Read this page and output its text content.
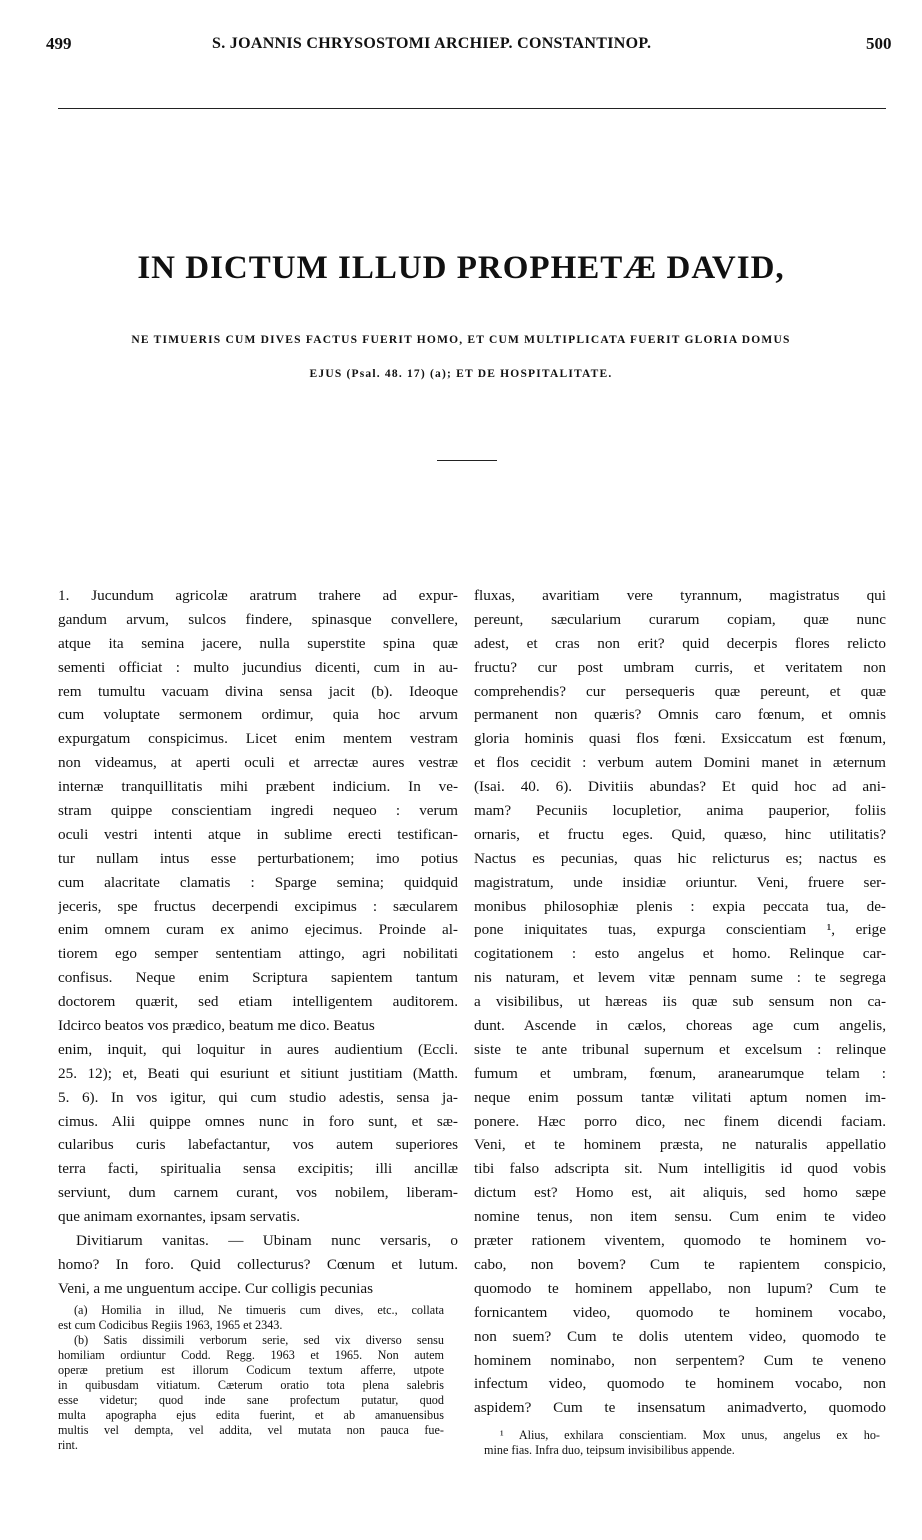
499	S. JOANNIS CHRYSOSTOMI ARCHIEP. CONSTANTINOP.	500
IN DICTUM ILLUD PROPHETÆ DAVID,
NE TIMUERIS CUM DIVES FACTUS FUERIT HOMO, ET CUM MULTIPLICATA FUERIT GLORIA DOMUS
EJUS (Psal. 48. 17) (a); ET DE HOSPITALITATE.
1. Jucundum agricolæ aratrum trahere ad expur-
gandum arvum, sulcos findere, spinasque convellere,
atque ita semina jacere, nulla superstite spina quæ
sementi officiat : multo jucundius dicenti, cum in au-
rem tumultu vacuam divina sensa jacit (b). Ideoque
cum voluptate sermonem ordimur, quia hoc arvum
expurgatum conspicimus. Licet enim mentem vestram
non videamus, at aperti oculi et arrectæ aures vestræ
internæ tranquillitatis mihi præbent indicium. In ve-
stram quippe conscientiam ingredi nequeo : verum
oculi vestri intenti atque in sublime erecti testifican-
tur nullam intus esse perturbationem; imo potius
cum alacritate clamatis : Sparge semina; quidquid
jeceris, spe fructus decerpendi excipimus : sæcularem
enim omnem curam ex animo ejecimus. Proinde al-
tiorem ego semper sententiam attingo, agri nobilitati
confisus. Neque enim Scriptura sapientem tantum
doctorem quærit, sed etiam intelligentem auditorem.
Idcirco beatos vos prædico, beatum me dico. Beatus
enim, inquit, qui loquitur in aures audientium (Eccli.
25. 12); et, Beati qui esuriunt et sitiunt justitiam (Matth.
5. 6). In vos igitur, qui cum studio adestis, sensa ja-
cimus. Alii quippe omnes nunc in foro sunt, et sæ-
cularibus curis labefactantur, vos autem superiores
terra facti, spiritualia sensa excipitis; illi ancillæ
serviunt, dum carnem curant, vos nobilem, liberam-
que animam exornantes, ipsam servatis.
Divitiarum vanitas. — Ubinam nunc versaris, o
homo? In foro. Quid collecturus? Cœnum et lutum.
Veni, a me unguentum accipe. Cur colligis pecunias
fluxas, avaritiam vere tyrannum, magistratus qui
pereunt, sæcularium curarum copiam, quæ nunc
adest, et cras non erit? quid decerpis flores relicto
fructu? cur post umbram curris, et veritatem non
comprehendis? cur persequeris quæ pereunt, et quæ
permanent non quæris? Omnis caro fœnum, et omnis
gloria hominis quasi flos fœni. Exsiccatum est fœnum,
et flos cecidit : verbum autem Domini manet in æternum
(Isai. 40. 6). Divitiis abundas? Et quid hoc ad ani-
mam? Pecuniis locupletior, anima pauperior, foliis
ornaris, et fructu eges. Quid, quæso, hinc utilitatis?
Nactus es pecunias, quas hic relicturus es; nactus es
magistratum, unde insidiæ oriuntur. Veni, fruere ser-
monibus philosophiæ plenis : expia peccata tua, de-
pone iniquitates tuas, expurga conscientiam ¹, erige
cogitationem : esto angelus et homo. Relinque car-
nis naturam, et levem vitæ pennam sume : te segrega
a visibilibus, ut hæreas iis quæ sub sensum non ca-
dunt. Ascende in cælos, choreas age cum angelis,
siste te ante tribunal supernum et excelsum : relinque
fumum et umbram, fœnum, aranearumque telam :
neque enim possum tantæ vilitati aptum nomen im-
ponere. Hæc porro dico, nec finem dicendi faciam.
Veni, et te hominem præsta, ne naturalis appellatio
tibi falso adscripta sit. Num intelligitis id quod vobis
dictum est? Homo est, ait aliquis, sed homo sæpe
nomine tenus, non item sensu. Cum enim te video
præter rationem viventem, quomodo te hominem vo-
cabo, non bovem? Cum te rapientem conspicio,
quomodo te hominem appellabo, non lupum? Cum te
fornicantem video, quomodo te hominem vocabo,
non suem? Cum te dolis utentem video, quomodo te
hominem nominabo, non serpentem? Cum te veneno
infectum video, quomodo te hominem vocabo, non
aspidem? Cum te insensatum animadverto, quomodo
(a) Homilia in illud, Ne timueris cum dives, etc., collata
est cum Codicibus Regiis 1963, 1965 et 2343.
(b) Satis dissimili verborum serie, sed vix diverso sensu
homiliam ordiuntur Codd. Regg. 1963 et 1965. Non autem
operæ pretium est illorum Codicum textum afferre, utpote
in quibusdam vitiatum. Cæterum oratio tota plena salebris
esse videtur; quod inde sane profectum putatur, quod
multa apographa ejus edita fuerint, et ab amanuensibus
multis vel dempta, vel addita, vel mutata non pauca fue-
rint.
¹ Alius, exhilara conscientiam. Mox unus, angelus ex ho-
mine fias. Infra duo, teipsum invisibilibus appende.
